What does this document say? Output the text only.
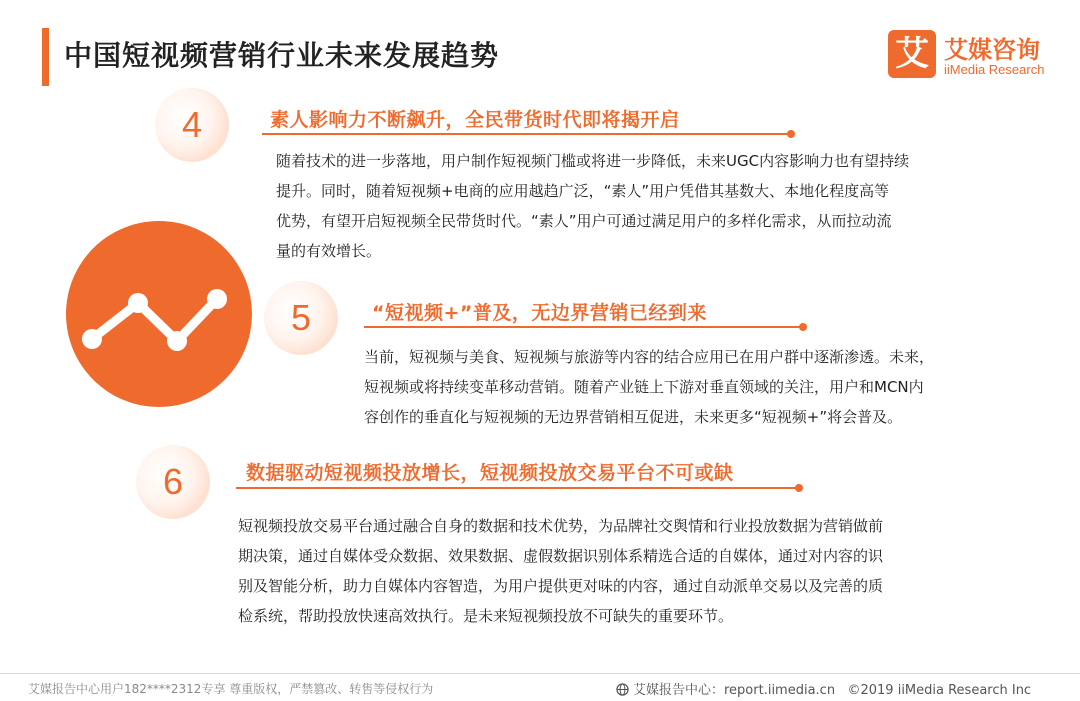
中国短视频营销行业未来发展趋势	艾 艾媒咨询
iiMedia Research
4	素人影响力不断飙升，全民带货时代即将揭开启
随着技术的进一步落地，用户制作短视频门槛或将进一步降低，未来UGC内容影响力也有望持续
提升。同时，随着短视频+电商的应用越趋广泛，“素人”用户凭借其基数大、本地化程度高等
优势，有望开启短视频全民带货时代。“素人”用户可通过满足用户的多样化需求，从而拉动流
量的有效增长。
5	“短视频+”普及，无边界营销已经到来
当前，短视频与美食、短视频与旅游等内容的结合应用已在用户群中逐渐渗透。未来，
短视频或将持续变革移动营销。随着产业链上下游对垂直领域的关注，用户和MCN内
容创作的垂直化与短视频的无边界营销相互促进，未来更多“短视频+”将会普及。
6	数据驱动短视频投放增长，短视频投放交易平台不可或缺
短视频投放交易平台通过融合自身的数据和技术优势，为品牌社交舆情和行业投放数据为营销做前
期决策，通过自媒体受众数据、效果数据、虚假数据识别体系精选合适的自媒体，通过对内容的识
别及智能分析，助力自媒体内容智造，为用户提供更对味的内容，通过自动派单交易以及完善的质
检系统，帮助投放快速高效执行。是未来短视频投放不可缺失的重要环节。
艾媒报告中心用户182****2312专享 尊重版权，严禁篡改、转售等侵权行为	艾媒报告中心：report.iimedia.cn ©2019 iiMedia Research Inc
